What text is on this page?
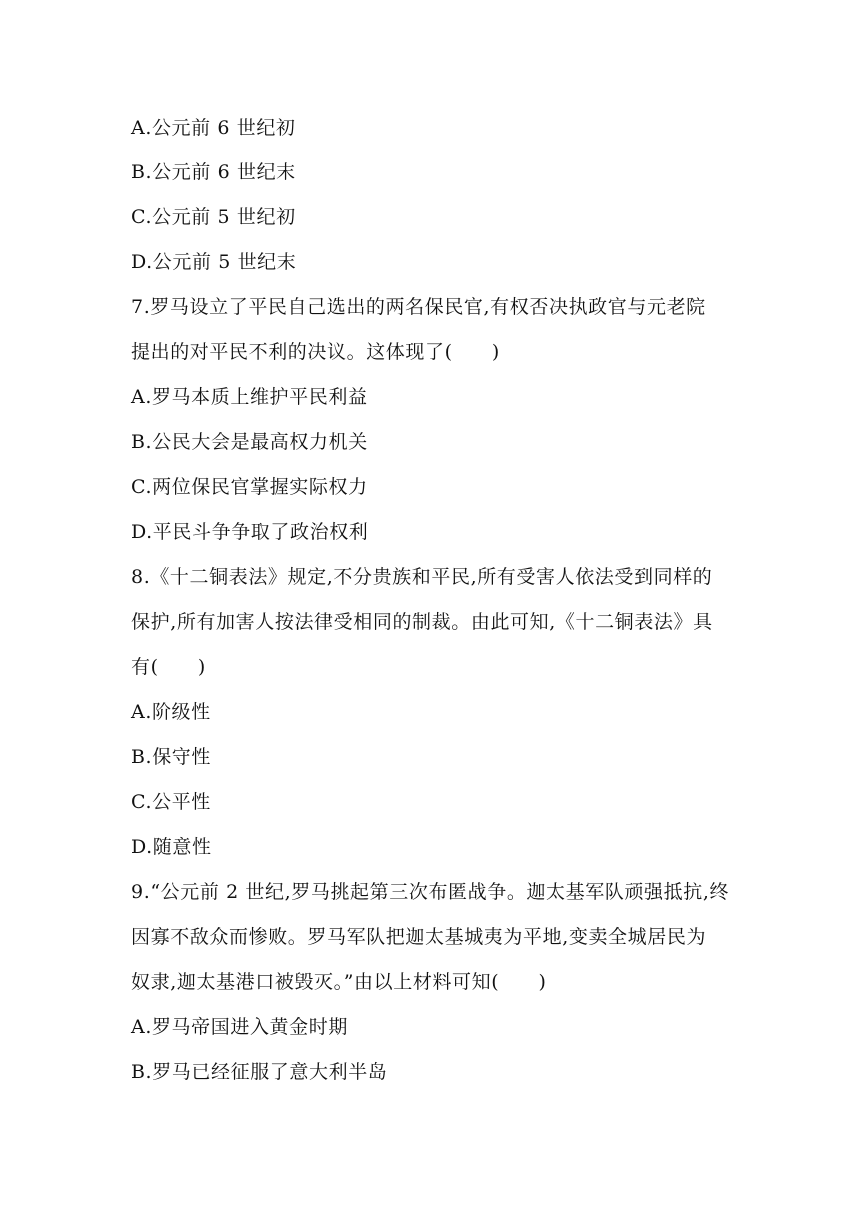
A.公元前 6 世纪初
B.公元前 6 世纪末
C.公元前 5 世纪初
D.公元前 5 世纪末
7.罗马设立了平民自己选出的两名保民官,有权否决执政官与元老院
提出的对平民不利的决议。这体现了(　　)
A.罗马本质上维护平民利益
B.公民大会是最高权力机关
C.两位保民官掌握实际权力
D.平民斗争争取了政治权利
8.《十二铜表法》规定,不分贵族和平民,所有受害人依法受到同样的
保护,所有加害人按法律受相同的制裁。由此可知,《十二铜表法》具
有(　　)
A.阶级性
B.保守性
C.公平性
D.随意性
9.“公元前 2 世纪,罗马挑起第三次布匿战争。迦太基军队顽强抵抗,终
因寡不敌众而惨败。罗马军队把迦太基城夷为平地,变卖全城居民为
奴隶,迦太基港口被毁灭。”由以上材料可知(　　)
A.罗马帝国进入黄金时期
B.罗马已经征服了意大利半岛
